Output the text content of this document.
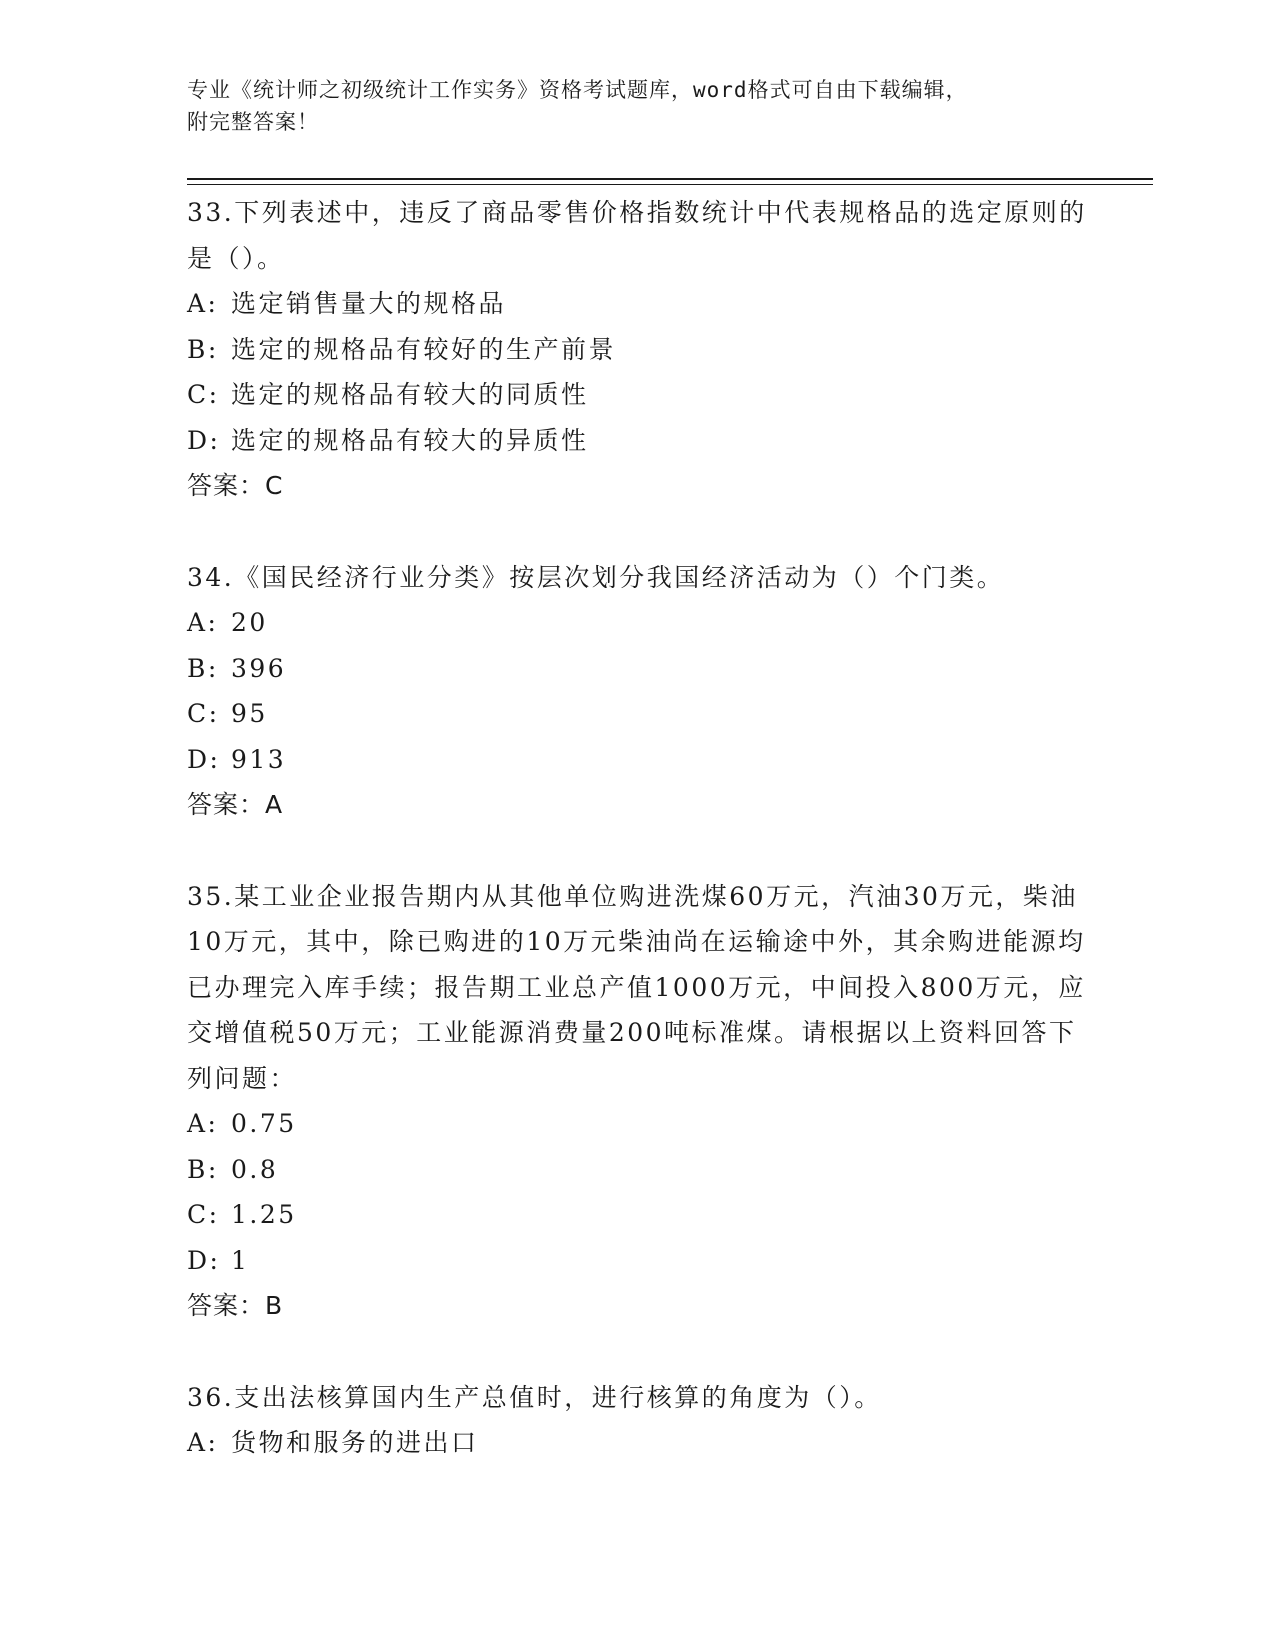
专业《统计师之初级统计工作实务》资格考试题库，word格式可自由下载编辑，
附完整答案！

33.下列表述中，违反了商品零售价格指数统计中代表规格品的选定原则的是（）。

A: 选定销售量大的规格品
B: 选定的规格品有较好的生产前景
C: 选定的规格品有较大的同质性
D: 选定的规格品有较大的异质性
答案：C

34.《国民经济行业分类》按层次划分我国经济活动为（）个门类。

A: 20
B: 396
C: 95
D: 913
答案：A

35.某工业企业报告期内从其他单位购进洗煤60万元，汽油30万元，柴油10万元，其中，除已购进的10万元柴油尚在运输途中外，其余购进能源均已办理完入库手续；报告期工业总产值1000万元，中间投入800万元，应交增值税50万元；工业能源消费量200吨标准煤。请根据以上资料回答下列问题：

A: 0.75
B: 0.8
C: 1.25
D: 1
答案：B

36.支出法核算国内生产总值时，进行核算的角度为（）。

A: 货物和服务的进出口
